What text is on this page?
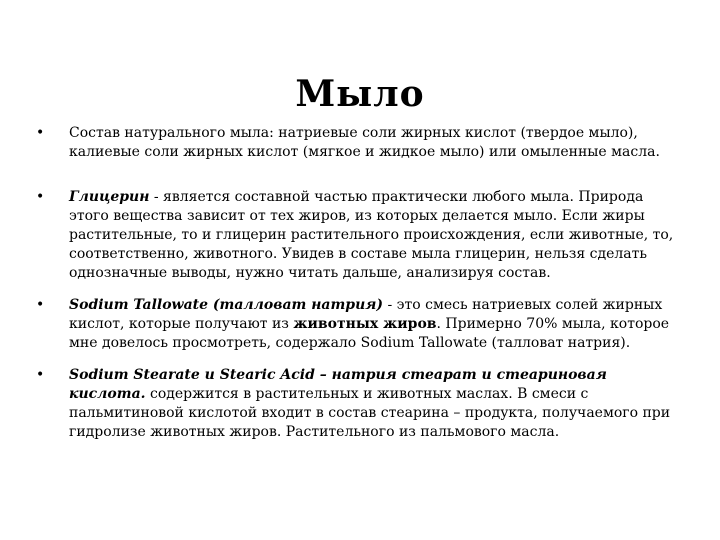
Мыло
• Состав натурального мыла: натриевые соли жирных кислот (твердое мыло), калиевые соли жирных кислот (мягкое и жидкое мыло) или омыленные масла.
• Глицерин - является составной частью практически любого мыла. Природа этого вещества зависит от тех жиров, из которых делается мыло. Если жиры растительные, то и глицерин растительного происхождения, если животные, то, соответственно, животного. Увидев в составе мыла глицерин, нельзя сделать однозначные выводы, нужно читать дальше, анализируя состав.
• Sodium Tallowate (талловат натрия) - это смесь натриевых солей жирных кислот, которые получают из животных жиров. Примерно 70% мыла, которое мне довелось просмотреть, содержало Sodium Tallowate (талловат натрия).
• Sodium Stearate и Stearic Acid – натрия стеарат и стеариновая кислота. содержится в растительных и животных маслах. В смеси с пальмитиновой кислотой входит в состав стеарина – продукта, получаемого при гидролизе животных жиров. Растительного из пальмового масла.
